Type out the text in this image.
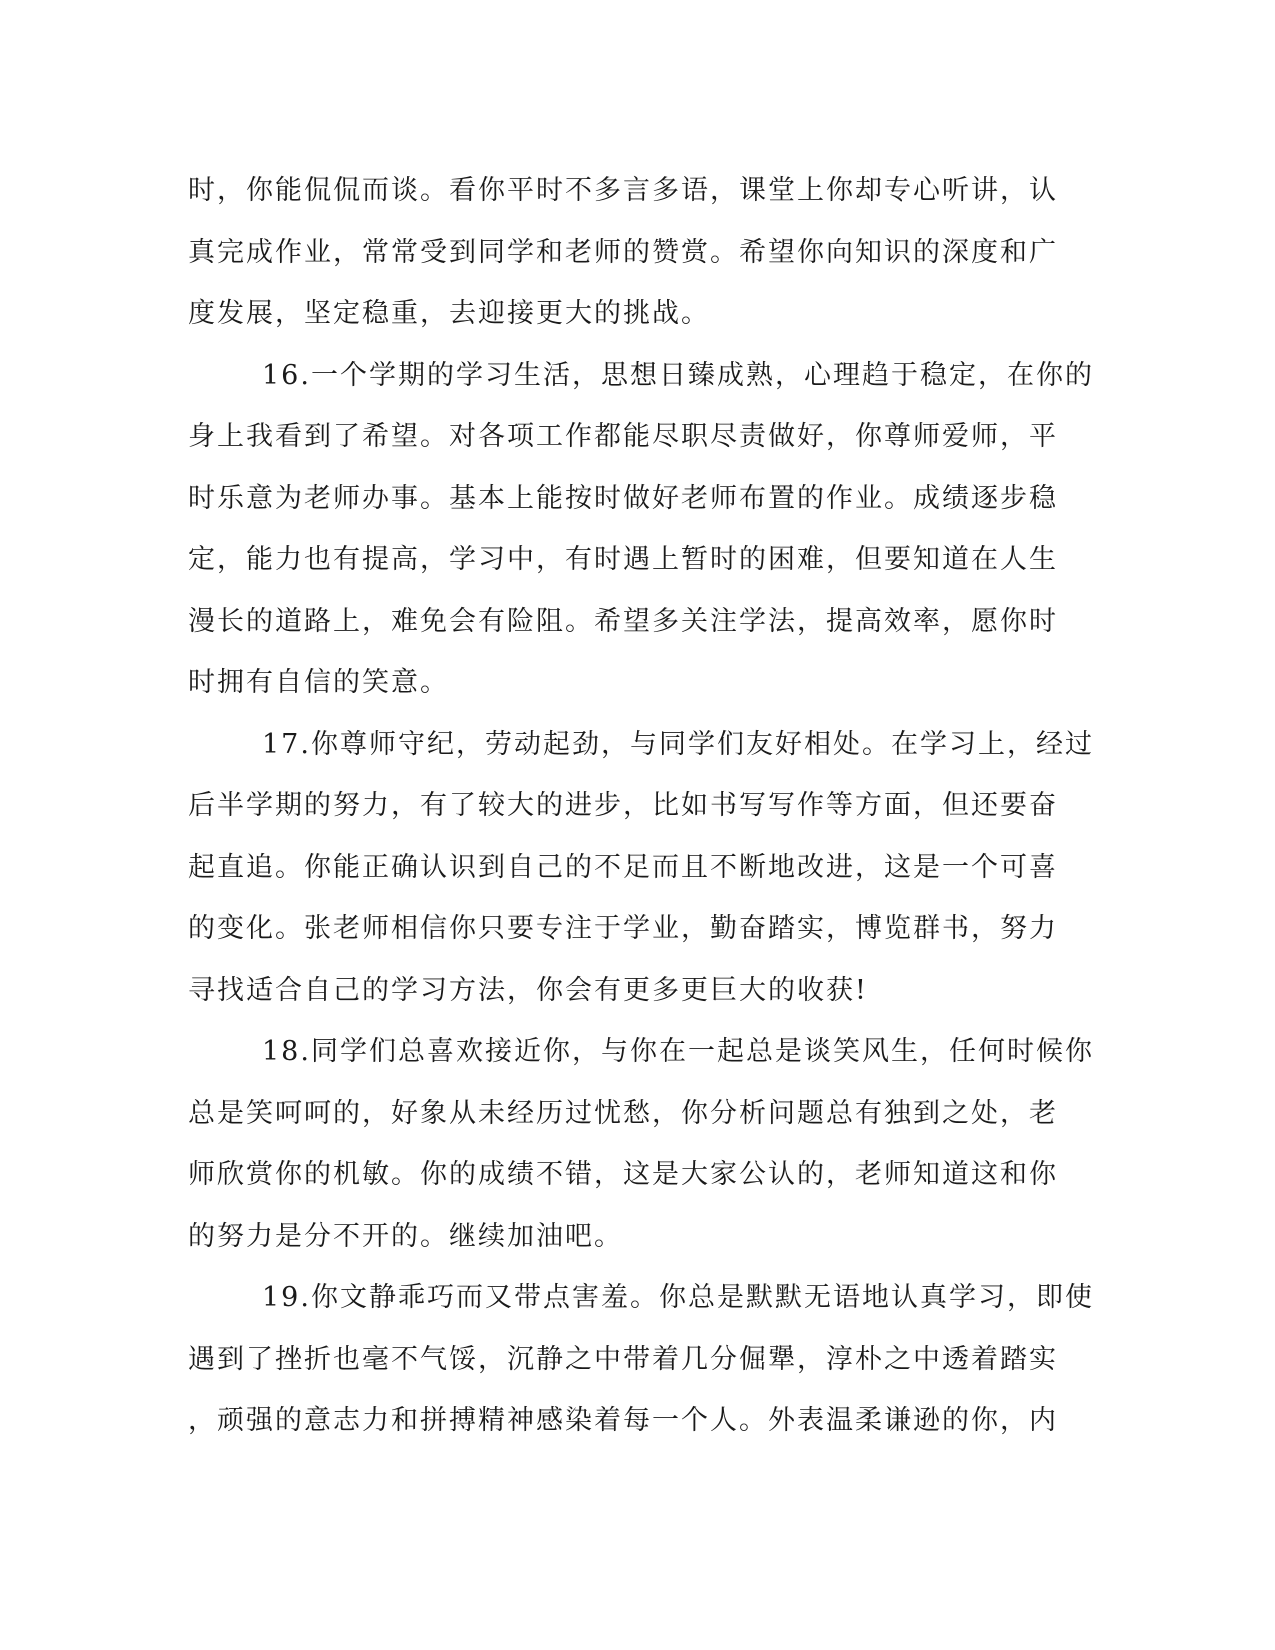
时，你能侃侃而谈。看你平时不多言多语，课堂上你却专心听讲，认
真完成作业，常常受到同学和老师的赞赏。希望你向知识的深度和广
度发展，坚定稳重，去迎接更大的挑战。
16.一个学期的学习生活，思想日臻成熟，心理趋于稳定，在你的
身上我看到了希望。对各项工作都能尽职尽责做好，你尊师爱师，平
时乐意为老师办事。基本上能按时做好老师布置的作业。成绩逐步稳
定，能力也有提高，学习中，有时遇上暂时的困难，但要知道在人生
漫长的道路上，难免会有险阻。希望多关注学法，提高效率，愿你时
时拥有自信的笑意。
17.你尊师守纪，劳动起劲，与同学们友好相处。在学习上，经过
后半学期的努力，有了较大的进步，比如书写写作等方面，但还要奋
起直追。你能正确认识到自己的不足而且不断地改进，这是一个可喜
的变化。张老师相信你只要专注于学业，勤奋踏实，博览群书，努力
寻找适合自己的学习方法，你会有更多更巨大的收获!
18.同学们总喜欢接近你，与你在一起总是谈笑风生，任何时候你
总是笑呵呵的，好象从未经历过忧愁，你分析问题总有独到之处，老
师欣赏你的机敏。你的成绩不错，这是大家公认的，老师知道这和你
的努力是分不开的。继续加油吧。
19.你文静乖巧而又带点害羞。你总是默默无语地认真学习，即使
遇到了挫折也毫不气馁，沉静之中带着几分倔犟，淳朴之中透着踏实
，顽强的意志力和拼搏精神感染着每一个人。外表温柔谦逊的你，内
